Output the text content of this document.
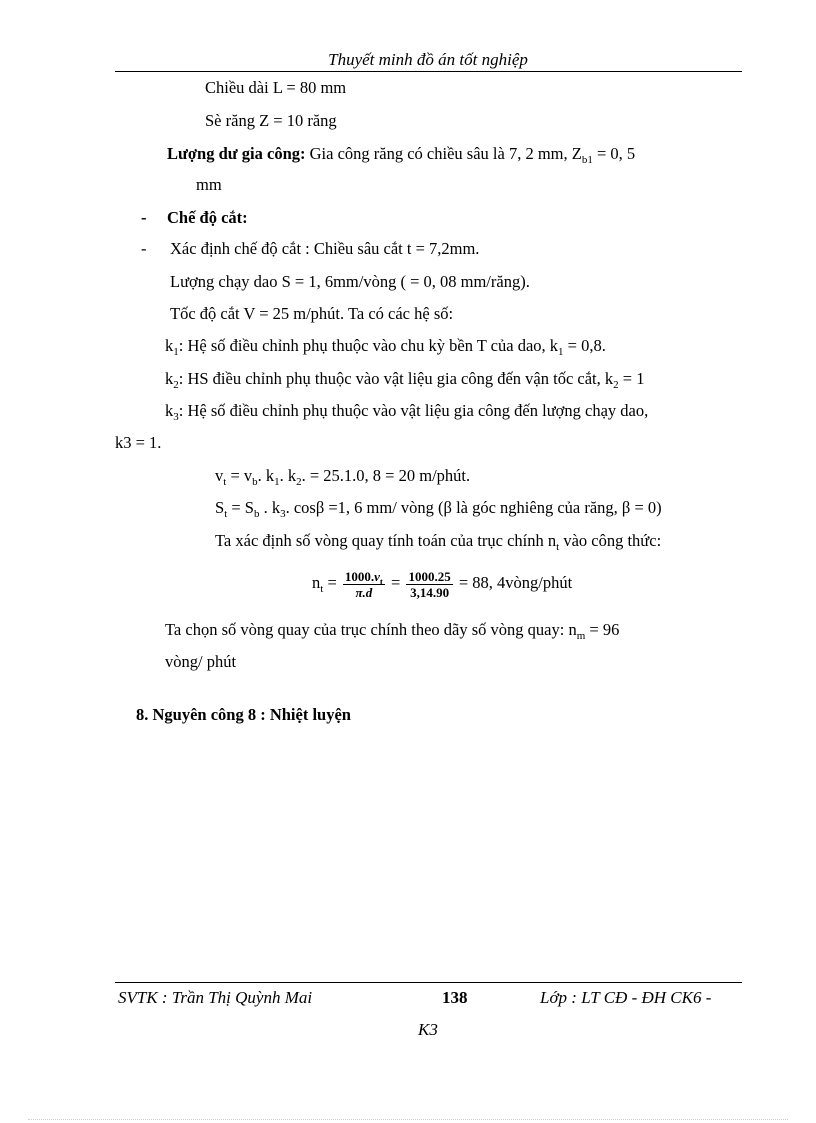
Thuyết minh đồ án tốt nghiệp
Chiều dài L = 80 mm
Sè răng Z = 10 răng
Lượng dư gia công: Gia công răng có chiều sâu là 7, 2 mm, $Z_{b1} = 0$, 5
mm
- Chế độ cắt:
- Xác định chế độ cắt : Chiều sâu cắt t = 7,2mm.
Lượng chạy dao S = 1, 6mm/vòng ( = 0, 08 mm/răng).
Tốc độ cắt V = 25 m/phút. Ta có các hệ số:
$k_1$: Hệ số điều chỉnh phụ thuộc vào chu kỳ bền T của dao, $k_1 = 0,8$.
$k_2$: HS điều chỉnh phụ thuộc vào vật liệu gia công đến vận tốc cắt, $k_2 = 1$
$k_3$: Hệ số điều chỉnh phụ thuộc vào vật liệu gia công đến lượng chạy dao,
k3 = 1.
$v_t = v_b$. $k_1$. $k_2$. = 25.1.0, 8 = 20 m/phút.
$S_t = S_b$ . $k_3$. cosβ =1, 6 mm/ vòng (β là góc nghiêng của răng, β = 0)
Ta xác định số vòng quay tính toán của trục chính $n_t$ vào công thức:
$n_t = \frac{1000.v_t}{\pi.d} = \frac{1000.25}{3,14.90} = 88$, 4vòng/phút
Ta chọn số vòng quay của trục chính theo dãy số vòng quay: $n_m = 96$
vòng/ phút
8. Nguyên công 8 : Nhiệt luyện
SVTK : Trần Thị Quỳnh Mai	138	Lớp : LT CĐ - ĐH CK6 -
K3
